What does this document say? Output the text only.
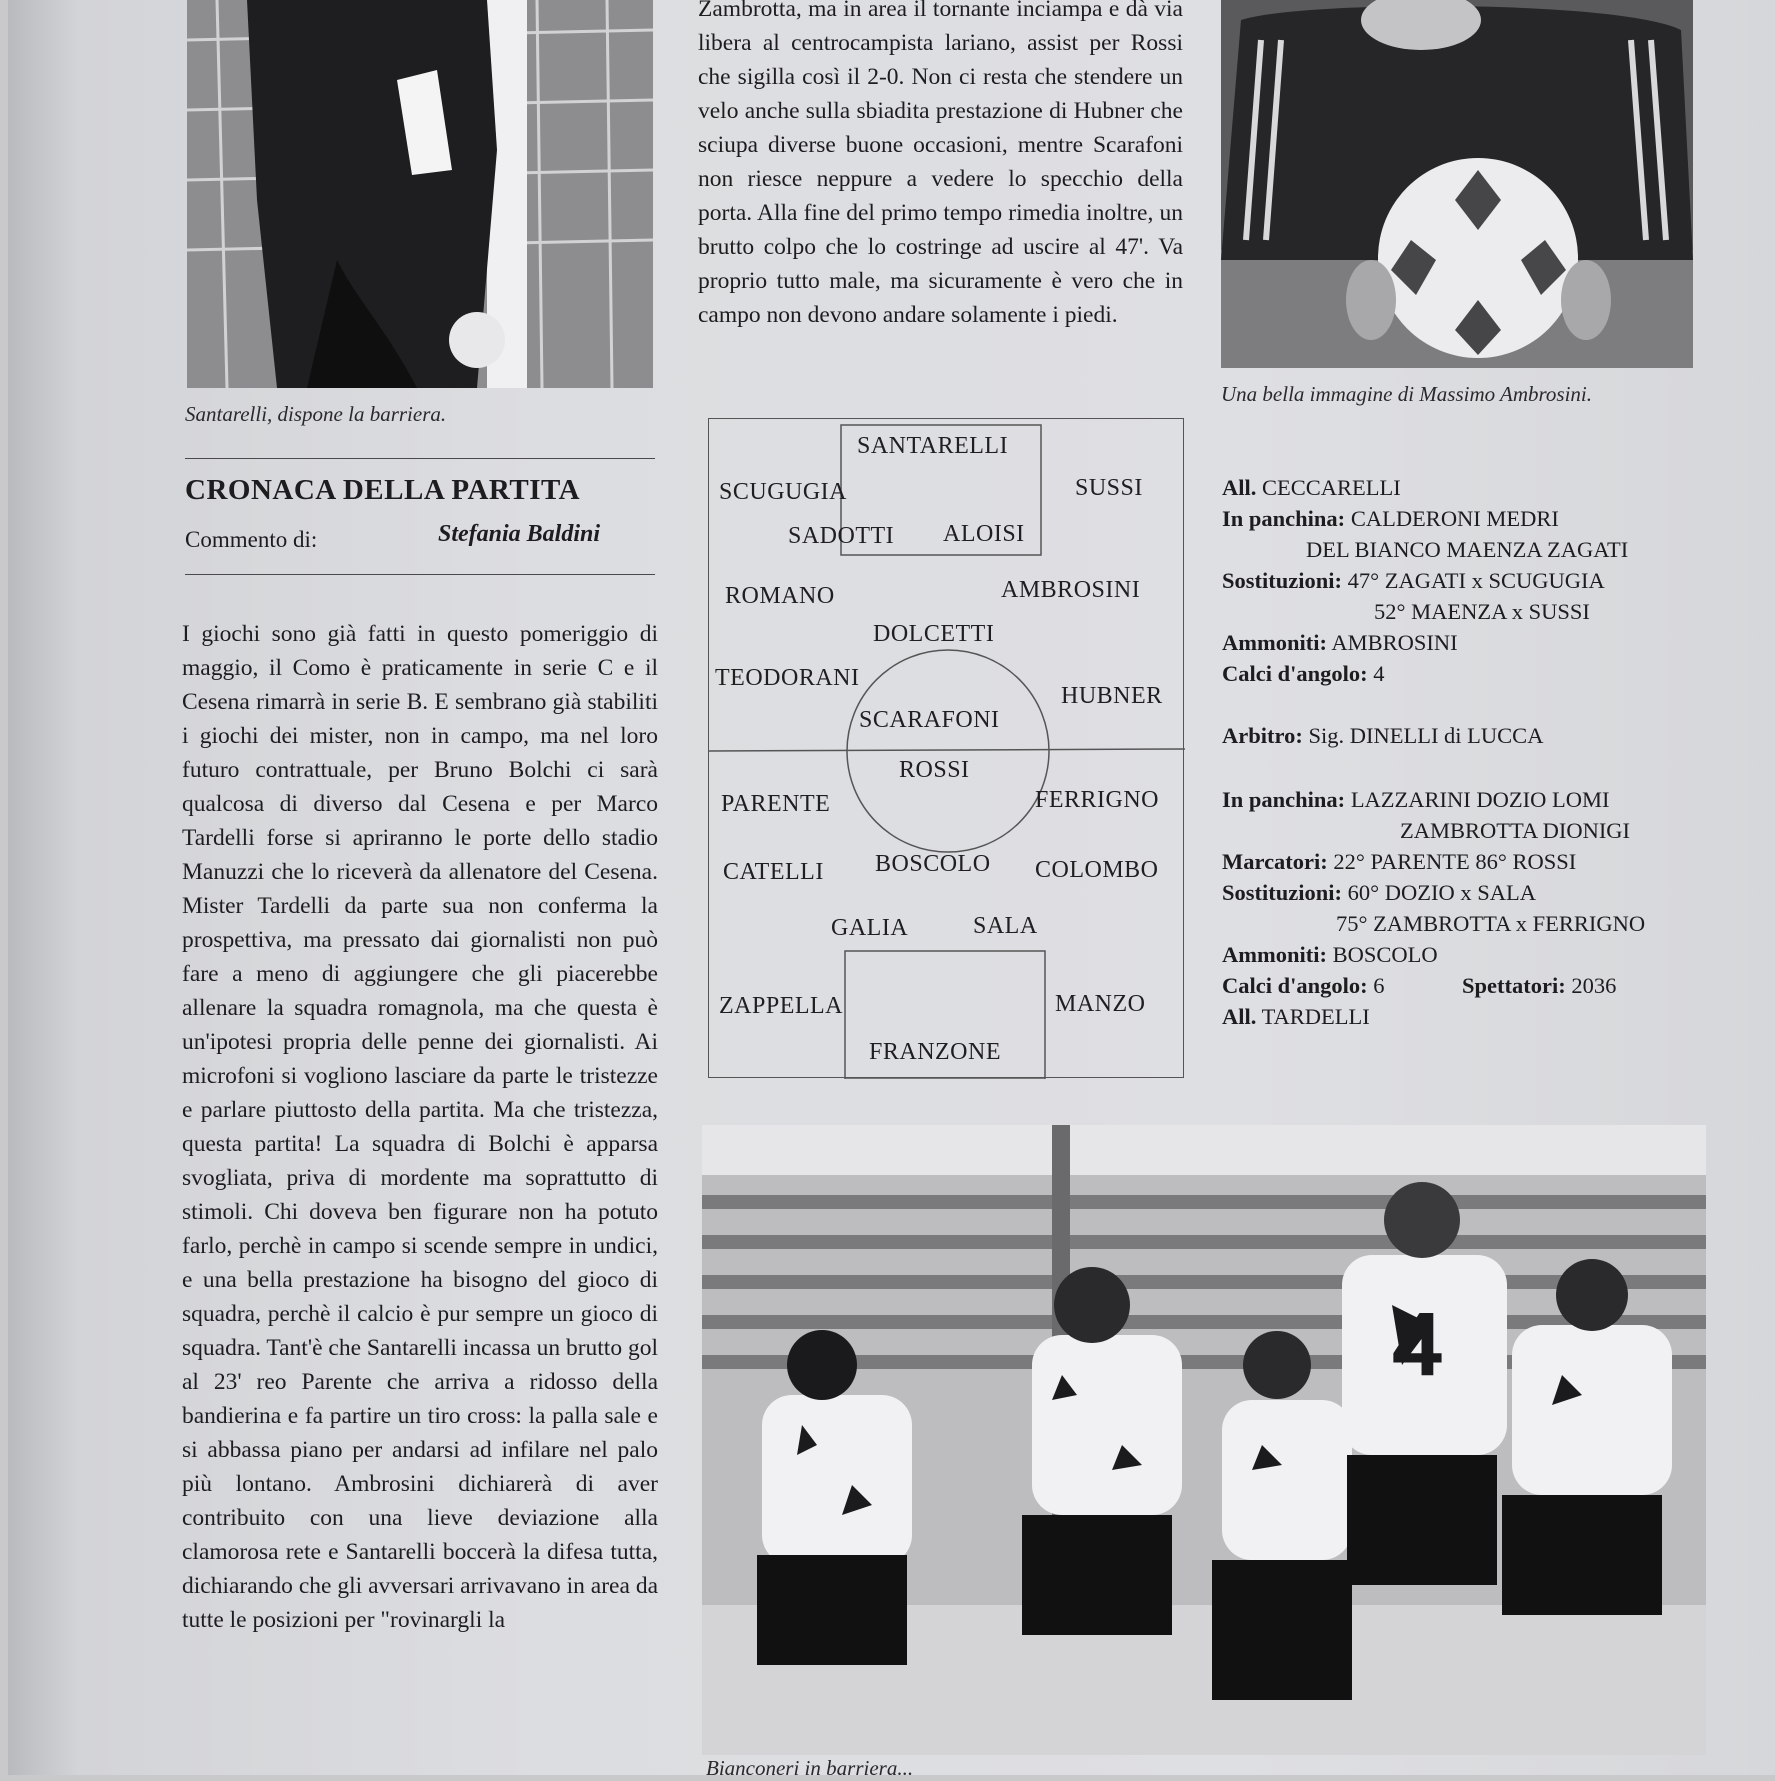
Santarelli, dispone la barriera.
Una bella immagine di Massimo Ambrosini.

Zambrotta, ma in area il tornante inciampa e dà via libera al centrocampista lariano, assist per Rossi che sigilla così il 2-0. Non ci resta che stendere un velo anche sulla sbiadita prestazione di Hubner che sciupa diverse buone occasioni, mentre Scarafoni non riesce neppure a vedere lo specchio della porta. Alla fine del primo tempo rimedia inoltre, un brutto colpo che lo costringe ad uscire al 47'. Va proprio tutto male, ma sicuramente è vero che in campo non devono andare solamente i piedi.

CRONACA DELLA PARTITA
Commento di:	Stefania Baldini

I giochi sono già fatti in questo pomeriggio di maggio, il Como è praticamente in serie C e il Cesena rimarrà in serie B. E sembrano già stabiliti i giochi dei mister, non in campo, ma nel loro futuro contrattuale, per Bruno Bolchi ci sarà qualcosa di diverso dal Cesena e per Marco Tardelli forse si apriranno le porte dello stadio Manuzzi che lo riceverà da allenatore del Cesena. Mister Tardelli da parte sua non conferma la prospettiva, ma pressato dai giornalisti non può fare a meno di aggiungere che gli piacerebbe allenare la squadra romagnola, ma che questa è un'ipotesi propria delle penne dei giornalisti. Ai microfoni si vogliono lasciare da parte le tristezze e parlare piuttosto della partita. Ma che tristezza, questa partita! La squadra di Bolchi è apparsa svogliata, priva di mordente ma soprattutto di stimoli. Chi doveva ben figurare non ha potuto farlo, perchè in campo si scende sempre in undici, e una bella prestazione ha bisogno del gioco di squadra, perchè il calcio è pur sempre un gioco di squadra. Tant'è che Santarelli incassa un brutto gol al 23' reo Parente che arriva a ridosso della bandierina e fa partire un tiro cross: la palla sale e si abbassa piano per andarsi ad infilare nel palo più lontano. Ambrosini dichiarerà di aver contribuito con una lieve deviazione alla clamorosa rete e Santarelli boccerà la difesa tutta, dichiarando che gli avversari arrivavano in area da tutte le posizioni per "rovinargli la

SANTARELLI
SCUGUGIA	SUSSI
SADOTTI ALOISI
ROMANO	AMBROSINI
DOLCETTI
TEODORANI
HUBNER
SCARAFONI
ROSSI
PARENTE	FERRIGNO
CATELLI BOSCOLO COLOMBO
GALIA	SALA
ZAPPELLA	MANZO
FRANZONE
All. CECCARELLI
In panchina: CALDERONI MEDRI
DEL BIANCO MAENZA ZAGATI
Sostituzioni: 47° ZAGATI x SCUGUGIA
52° MAENZA x SUSSI
Ammoniti: AMBROSINI
Calci d'angolo: 4
Arbitro: Sig. DINELLI di LUCCA
In panchina: LAZZARINI DOZIO LOMI
ZAMBROTTA DIONIGI
Marcatori: 22° PARENTE 86° ROSSI
Sostituzioni: 60° DOZIO x SALA
75° ZAMBROTTA x FERRIGNO
Ammoniti: BOSCOLO
Calci d'angolo: 6	Spettatori: 2036
All. TARDELLI
4
Bianconeri in barriera...
